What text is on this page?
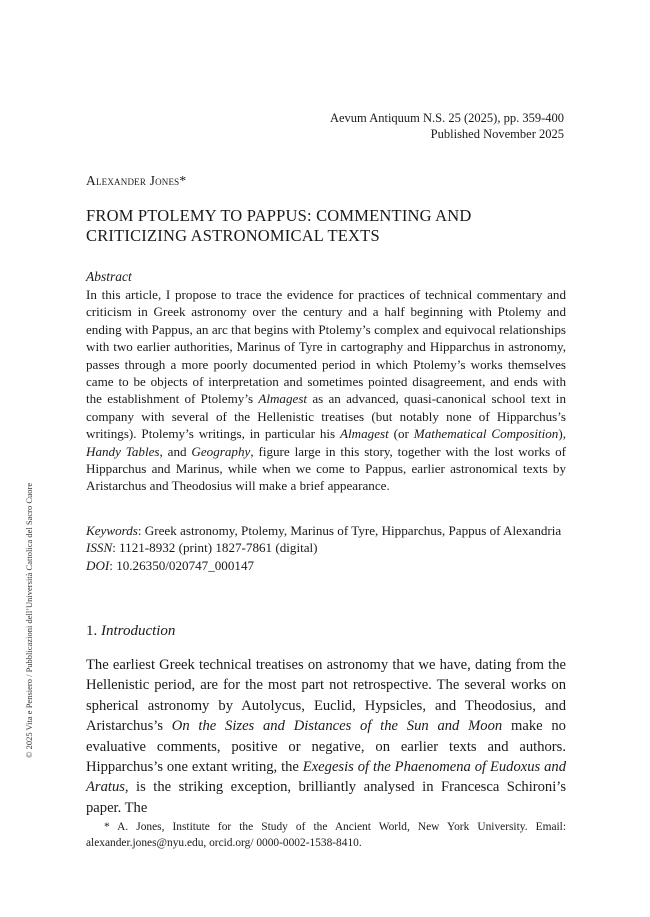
Aevum Antiquum N.S. 25 (2025), pp. 359-400
Published November 2025
Alexander Jones*
FROM PTOLEMY TO PAPPUS: COMMENTING AND CRITICIZING ASTRONOMICAL TEXTS
Abstract
In this article, I propose to trace the evidence for practices of technical commentary and criticism in Greek astronomy over the century and a half beginning with Ptolemy and ending with Pappus, an arc that begins with Ptolemy’s complex and equivocal relationships with two earlier authorities, Marinus of Tyre in cartography and Hipparchus in astronomy, passes through a more poorly documented period in which Ptolemy’s works themselves came to be objects of interpretation and sometimes pointed disagreement, and ends with the establishment of Ptolemy’s Almagest as an advanced, quasi-canonical school text in company with several of the Hellenistic treatises (but notably none of Hipparchus’s writings). Ptolemy’s writings, in particular his Almagest (or Mathematical Composition), Handy Tables, and Geography, figure large in this story, together with the lost works of Hipparchus and Marinus, while when we come to Pappus, earlier astronomical texts by Aristarchus and Theodosius will make a brief appearance.
Keywords: Greek astronomy, Ptolemy, Marinus of Tyre, Hipparchus, Pappus of Alexandria
ISSN: 1121-8932 (print) 1827-7861 (digital)
DOI: 10.26350/020747_000147
1. Introduction
The earliest Greek technical treatises on astronomy that we have, dating from the Hellenistic period, are for the most part not retrospective. The several works on spherical astronomy by Autolycus, Euclid, Hypsicles, and Theodosius, and Aristarchus’s On the Sizes and Distances of the Sun and Moon make no evaluative comments, positive or negative, on earlier texts and authors. Hipparchus’s one extant writing, the Exegesis of the Phaenomena of Eudoxus and Aratus, is the striking exception, brilliantly analysed in Francesca Schironi’s paper. The
* A. Jones, Institute for the Study of the Ancient World, New York University. Email: alexander.jones@nyu.edu, orcid.org/ 0000-0002-1538-8410.
© 2025 Vita e Pensiero / Pubblicazioni dell’Università Cattolica del Sacro Cuore
